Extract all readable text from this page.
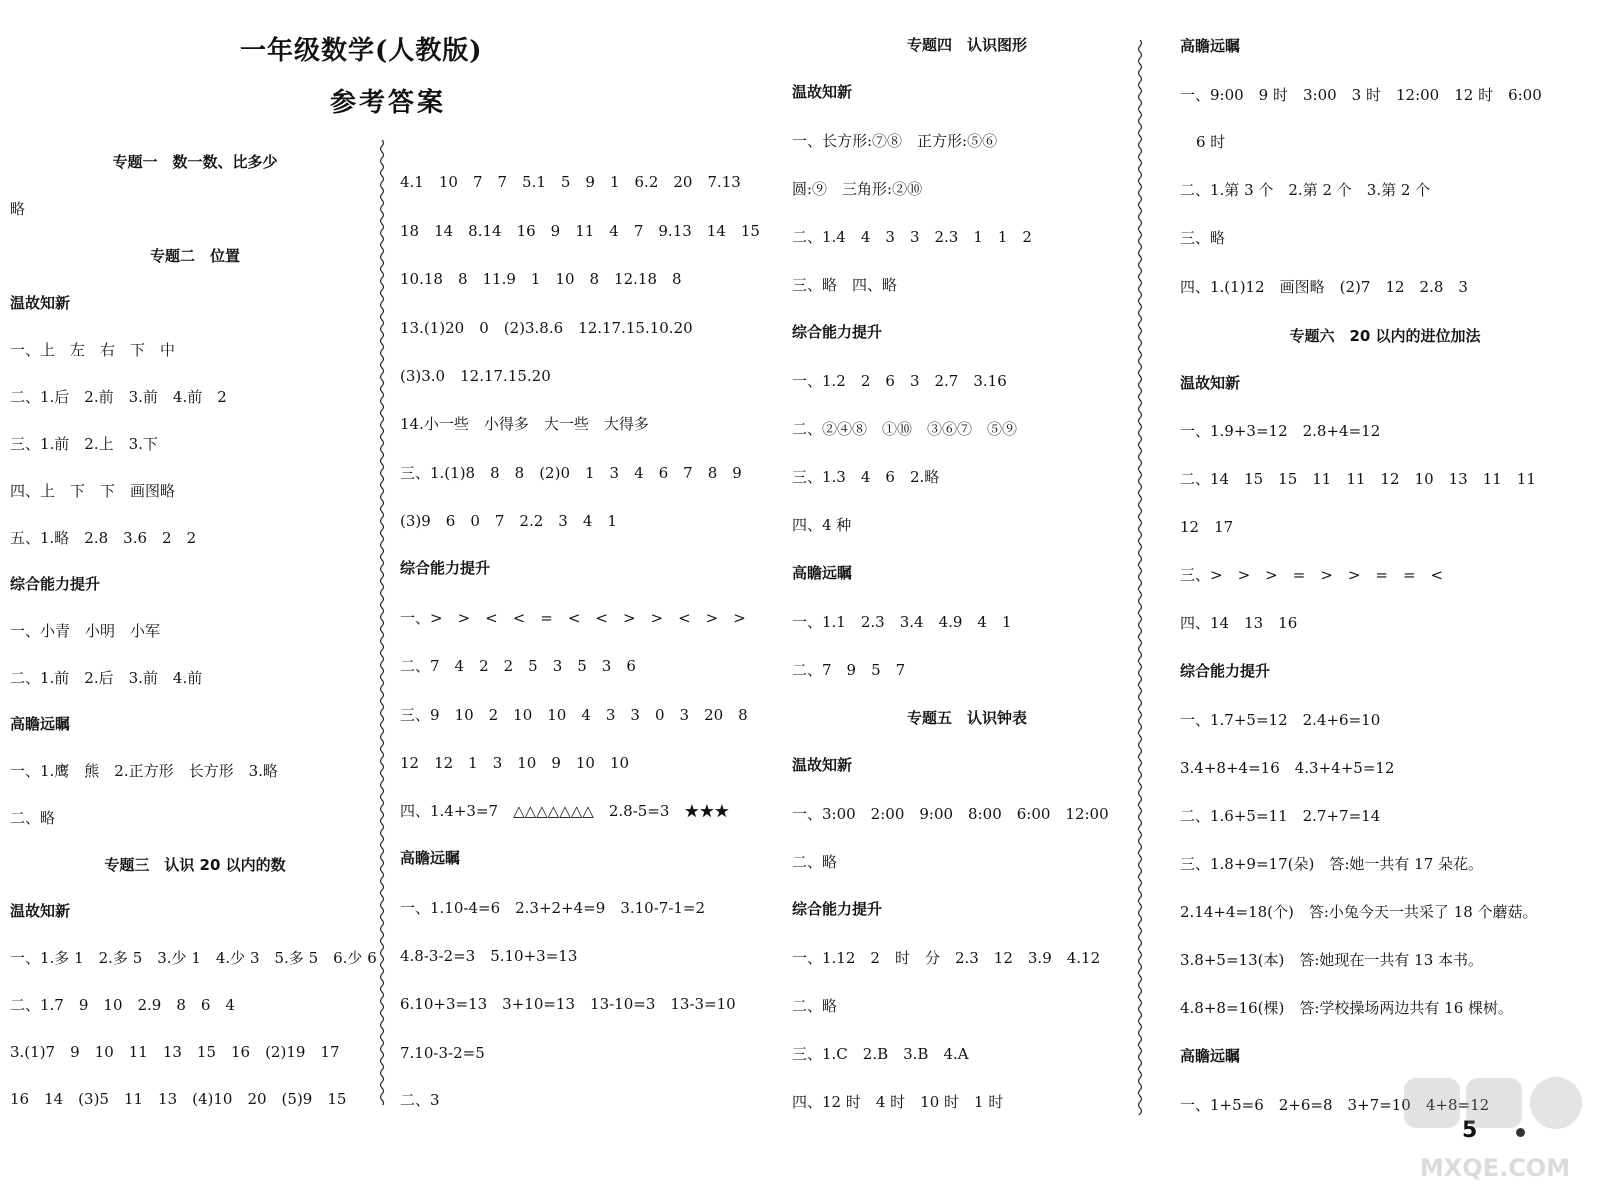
一年级数学(人教版)
参考答案
专题一　数一数、比多少
略
专题二　位置
温故知新
一、上　左　右　下　中
二、1.后　2.前　3.前　4.前　2
三、1.前　2.上　3.下
四、上　下　下　画图略
五、1.略　2.8　3.6　2　2
综合能力提升
一、小青　小明　小军
二、1.前　2.后　3.前　4.前
高瞻远瞩
一、1.鹰　熊　2.正方形　长方形　3.略
二、略
专题三　认识 20 以内的数
温故知新
一、1.多 1　2.多 5　3.少 1　4.少 3　5.多 5　6.少 6
二、1.7　9　10　2.9　8　6　4
3.(1)7　9　10　11　13　15　16　(2)19　17
16　14　(3)5　11　13　(4)10　20　(5)9　15
4.1　10　7　7　5.1　5　9　1　6.2　20　7.13
18　14　8.14　16　9　11　4　7　9.13　14　15
10.18　8　11.9　1　10　8　12.18　8
13.(1)20　0　(2)3.8.6　12.17.15.10.20
(3)3.0　12.17.15.20
14.小一些　小得多　大一些　大得多
三、1.(1)8　8　8　(2)0　1　3　4　6　7　8　9
(3)9　6　0　7　2.2　3　4　1
综合能力提升
一、>　>　<　<　=　<　<　>　>　<　>　>
二、7　4　2　2　5　3　5　3　6
三、9　10　2　10　10　4　3　3　0　3　20　8
12　12　1　3　10　9　10　10
四、1.4+3=7　△△△△△△△　2.8-5=3　★★★
高瞻远瞩
一、1.10-4=6　2.3+2+4=9　3.10-7-1=2
4.8-3-2=3　5.10+3=13
6.10+3=13　3+10=13　13-10=3　13-3=10
7.10-3-2=5
二、3
专题四　认识图形
温故知新
一、长方形:⑦⑧　正方形:⑤⑥
圆:⑨　三角形:②⑩
二、1.4　4　3　3　2.3　1　1　2
三、略　四、略
综合能力提升
一、1.2　2　6　3　2.7　3.16
二、②④⑧　①⑩　③⑥⑦　⑤⑨
三、1.3　4　6　2.略
四、4 种
高瞻远瞩
一、1.1　2.3　3.4　4.9　4　1
二、7　9　5　7
专题五　认识钟表
温故知新
一、3:00　2:00　9:00　8:00　6:00　12:00
二、略
综合能力提升
一、1.12　2　时　分　2.3　12　3.9　4.12
二、略
三、1.C　2.B　3.B　4.A
四、12 时　4 时　10 时　1 时
高瞻远瞩
一、9:00　9 时　3:00　3 时　12:00　12 时　6:00
6 时
二、1.第 3 个　2.第 2 个　3.第 2 个
三、略
四、1.(1)12　画图略　(2)7　12　2.8　3
专题六　20 以内的进位加法
温故知新
一、1.9+3=12　2.8+4=12
二、14　15　15　11　11　12　10　13　11　11
12　17
三、>　>　>　=　>　>　=　=　<
四、14　13　16
综合能力提升
一、1.7+5=12　2.4+6=10
3.4+8+4=16　4.3+4+5=12
二、1.6+5=11　2.7+7=14
三、1.8+9=17(朵)　答:她一共有 17 朵花。
2.14+4=18(个)　答:小兔今天一共采了 18 个蘑菇。
3.8+5=13(本)　答:她现在一共有 13 本书。
4.8+8=16(棵)　答:学校操场两边共有 16 棵树。
高瞻远瞩
一、1+5=6　2+6=8　3+7=10　4+8=12
5
MXQE.COM
